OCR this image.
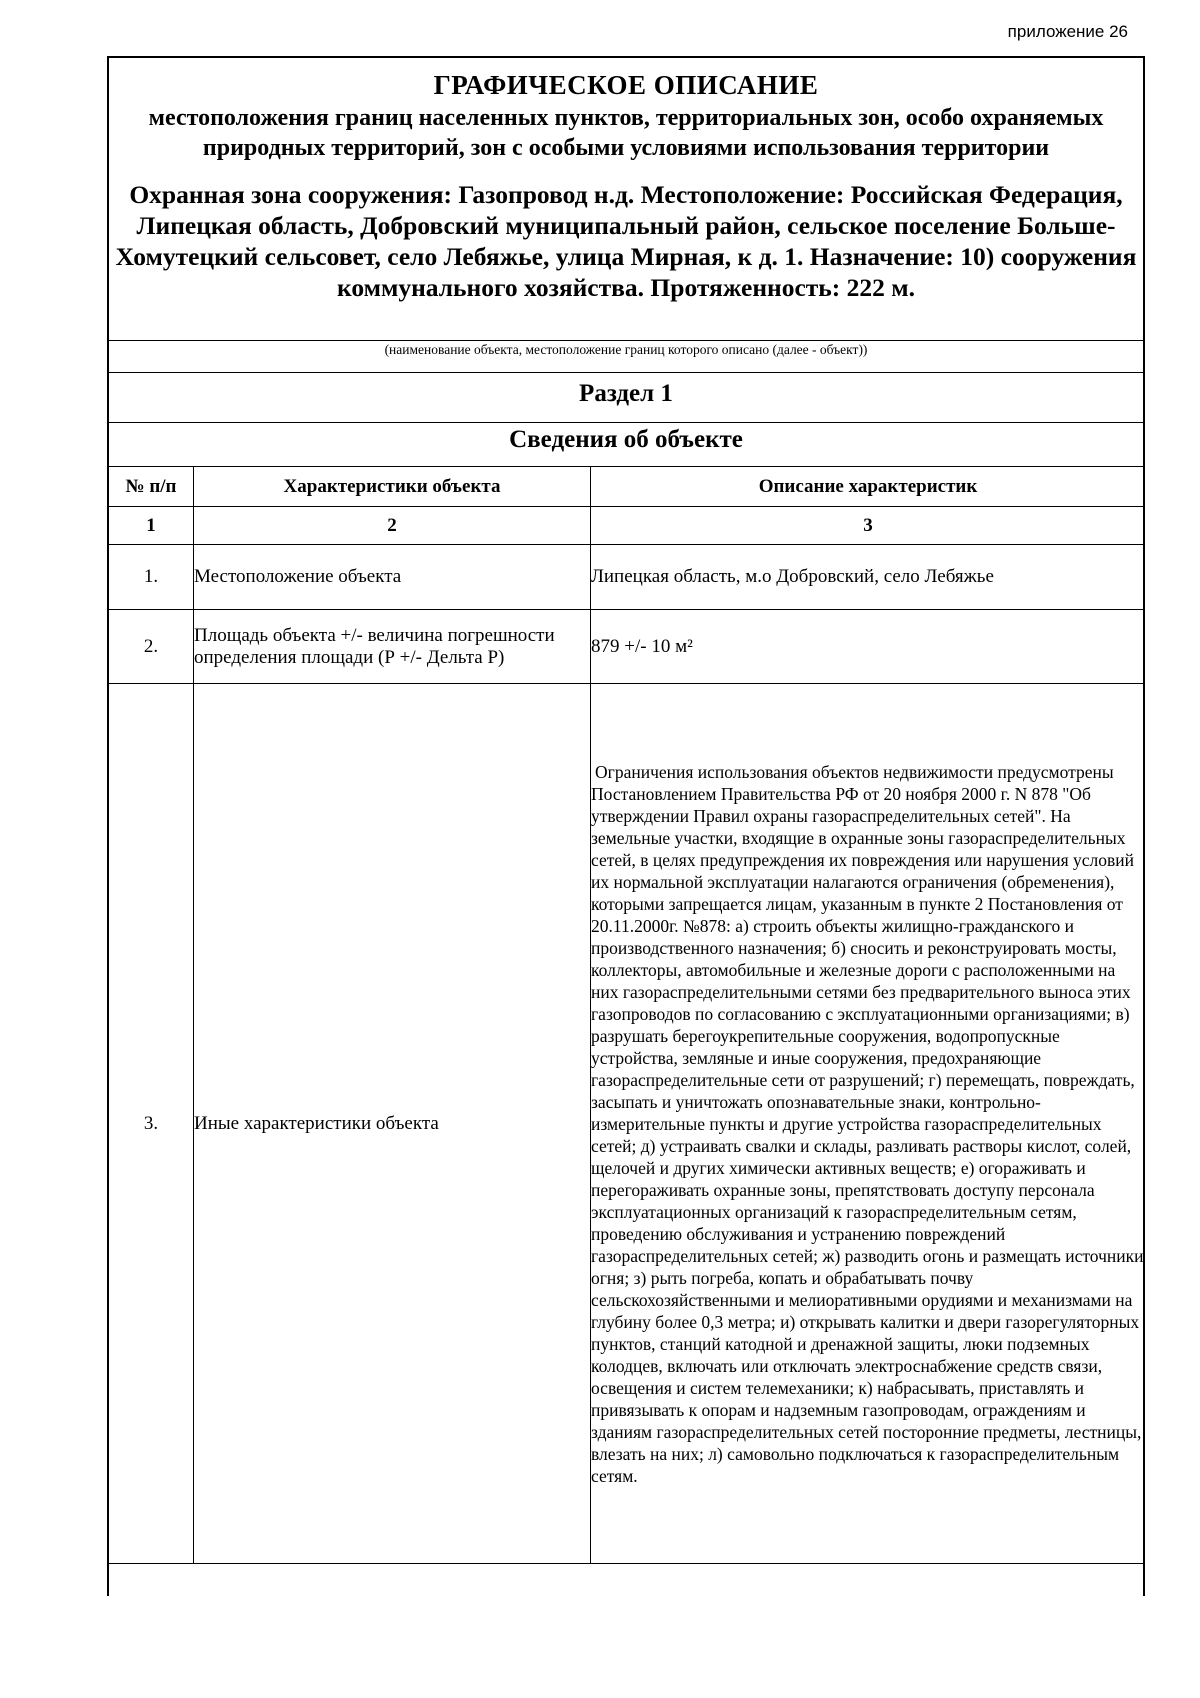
приложение 26
ГРАФИЧЕСКОЕ ОПИСАНИЕ
местоположения границ населенных пунктов, территориальных зон, особо охраняемых природных территорий, зон с особыми условиями использования территории
Охранная зона сооружения: Газопровод н.д. Местоположение: Российская Федерация, Липецкая область, Добровский муниципальный район, сельское поселение Больше-Хомутецкий сельсовет, село Лебяжье, улица Мирная, к д. 1. Назначение: 10) сооружения коммунального хозяйства. Протяженность: 222 м.
(наименование объекта, местоположение границ которого описано (далее - объект))
Раздел 1
Сведения об объекте
№ п/п	Характеристики объекта	Описание характеристик
1	2	3
1.	Местоположение объекта	Липецкая область, м.о Добровский, село Лебяжье
2.	Площадь объекта +/- величина погрешности определения площади (Р +/- Дельта Р)	879 +/- 10 м²
3.	Иные характеристики объекта	Ограничения использования объектов недвижимости предусмотрены Постановлением Правительства РФ от 20 ноября 2000 г. N 878 "Об утверждении Правил охраны газораспределительных сетей". На земельные участки, входящие в охранные зоны газораспределительных сетей, в целях предупреждения их повреждения или нарушения условий их нормальной эксплуатации налагаются ограничения (обременения), которыми запрещается лицам, указанным в пункте 2 Постановления от 20.11.2000г. №878: а) строить объекты жилищно-гражданского и производственного назначения; б) сносить и реконструировать мосты, коллекторы, автомобильные и железные дороги с расположенными на них газораспределительными сетями без предварительного выноса этих газопроводов по согласованию с эксплуатационными организациями; в) разрушать берегоукрепительные сооружения, водопропускные устройства, земляные и иные сооружения, предохраняющие газораспределительные сети от разрушений; г) перемещать, повреждать, засыпать и уничтожать опознавательные знаки, контрольно-измерительные пункты и другие устройства газораспределительных сетей; д) устраивать свалки и склады, разливать растворы кислот, солей, щелочей и других химически активных веществ; е) огораживать и перегораживать охранные зоны, препятствовать доступу персонала эксплуатационных организаций к газораспределительным сетям, проведению обслуживания и устранению повреждений газораспределительных сетей; ж) разводить огонь и размещать источники огня; з) рыть погреба, копать и обрабатывать почву сельскохозяйственными и мелиоративными орудиями и механизмами на глубину более 0,3 метра; и) открывать калитки и двери газорегуляторных пунктов, станций катодной и дренажной защиты, люки подземных колодцев, включать или отключать электроснабжение средств связи, освещения и систем телемеханики; к) набрасывать, приставлять и привязывать к опорам и надземным газопроводам, ограждениям и зданиям газораспределительных сетей посторонние предметы, лестницы, влезать на них; л) самовольно подключаться к газораспределительным сетям.
